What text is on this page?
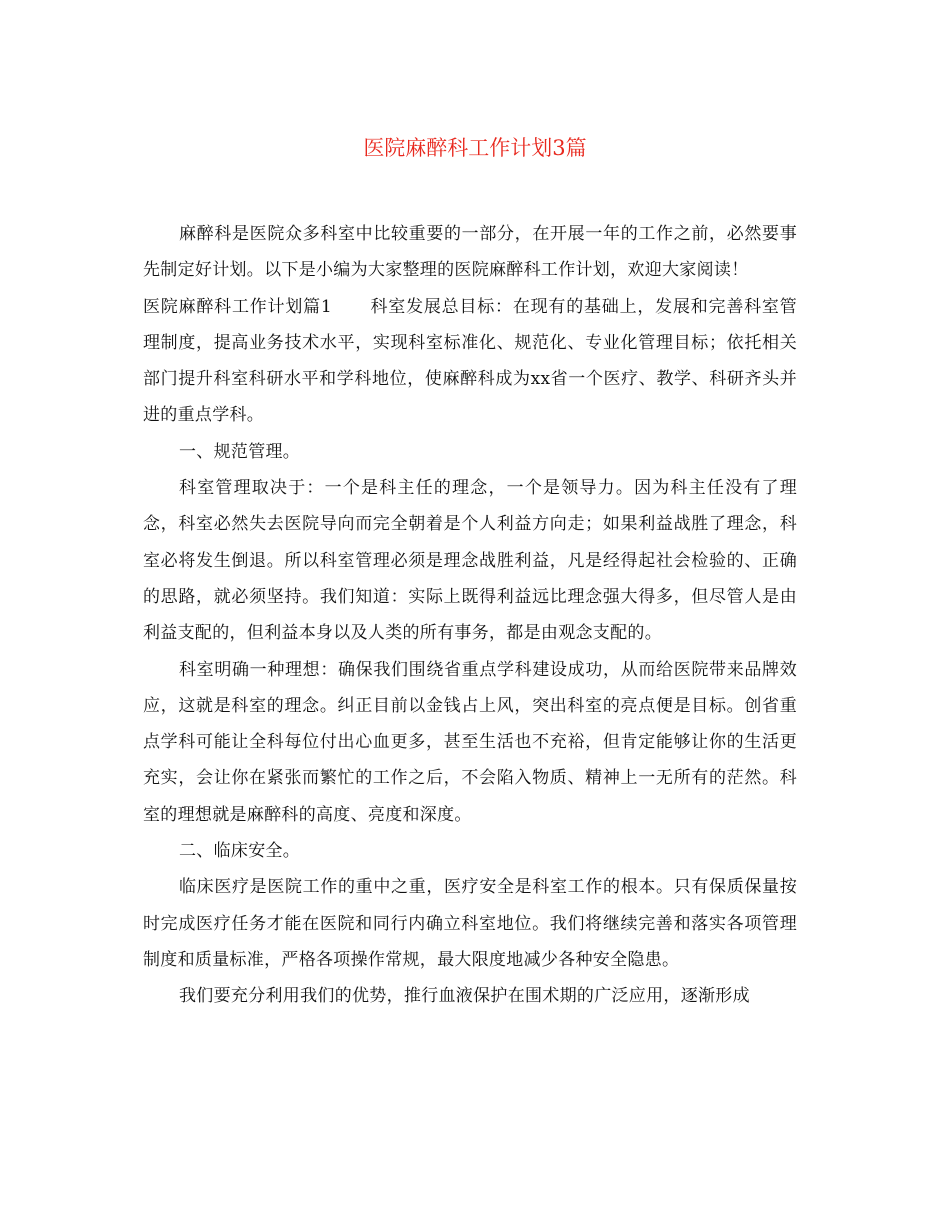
医院麻醉科工作计划3篇

麻醉科是医院众多科室中比较重要的一部分，在开展一年的工作之前，必然要事先制定好计划。以下是小编为大家整理的医院麻醉科工作计划，欢迎大家阅读！

医院麻醉科工作计划篇1 科室发展总目标：在现有的基础上，发展和完善科室管理制度，提高业务技术水平，实现科室标准化、规范化、专业化管理目标；依托相关部门提升科室科研水平和学科地位，使麻醉科成为xx省一个医疗、教学、科研齐头并进的重点学科。

一、规范管理。

科室管理取决于：一个是科主任的理念，一个是领导力。因为科主任没有了理念，科室必然失去医院导向而完全朝着是个人利益方向走；如果利益战胜了理念，科室必将发生倒退。所以科室管理必须是理念战胜利益，凡是经得起社会检验的、正确的思路，就必须坚持。我们知道：实际上既得利益远比理念强大得多，但尽管人是由利益支配的，但利益本身以及人类的所有事务，都是由观念支配的。

科室明确一种理想：确保我们围绕省重点学科建设成功，从而给医院带来品牌效应，这就是科室的理念。纠正目前以金钱占上风，突出科室的亮点便是目标。创省重点学科可能让全科每位付出心血更多，甚至生活也不充裕，但肯定能够让你的生活更充实，会让你在紧张而繁忙的工作之后，不会陷入物质、精神上一无所有的茫然。科室的理想就是麻醉科的高度、亮度和深度。

二、临床安全。

临床医疗是医院工作的重中之重，医疗安全是科室工作的根本。只有保质保量按时完成医疗任务才能在医院和同行内确立科室地位。我们将继续完善和落实各项管理制度和质量标准，严格各项操作常规，最大限度地减少各种安全隐患。

我们要充分利用我们的优势，推行血液保护在围术期的广泛应用，逐渐形成
